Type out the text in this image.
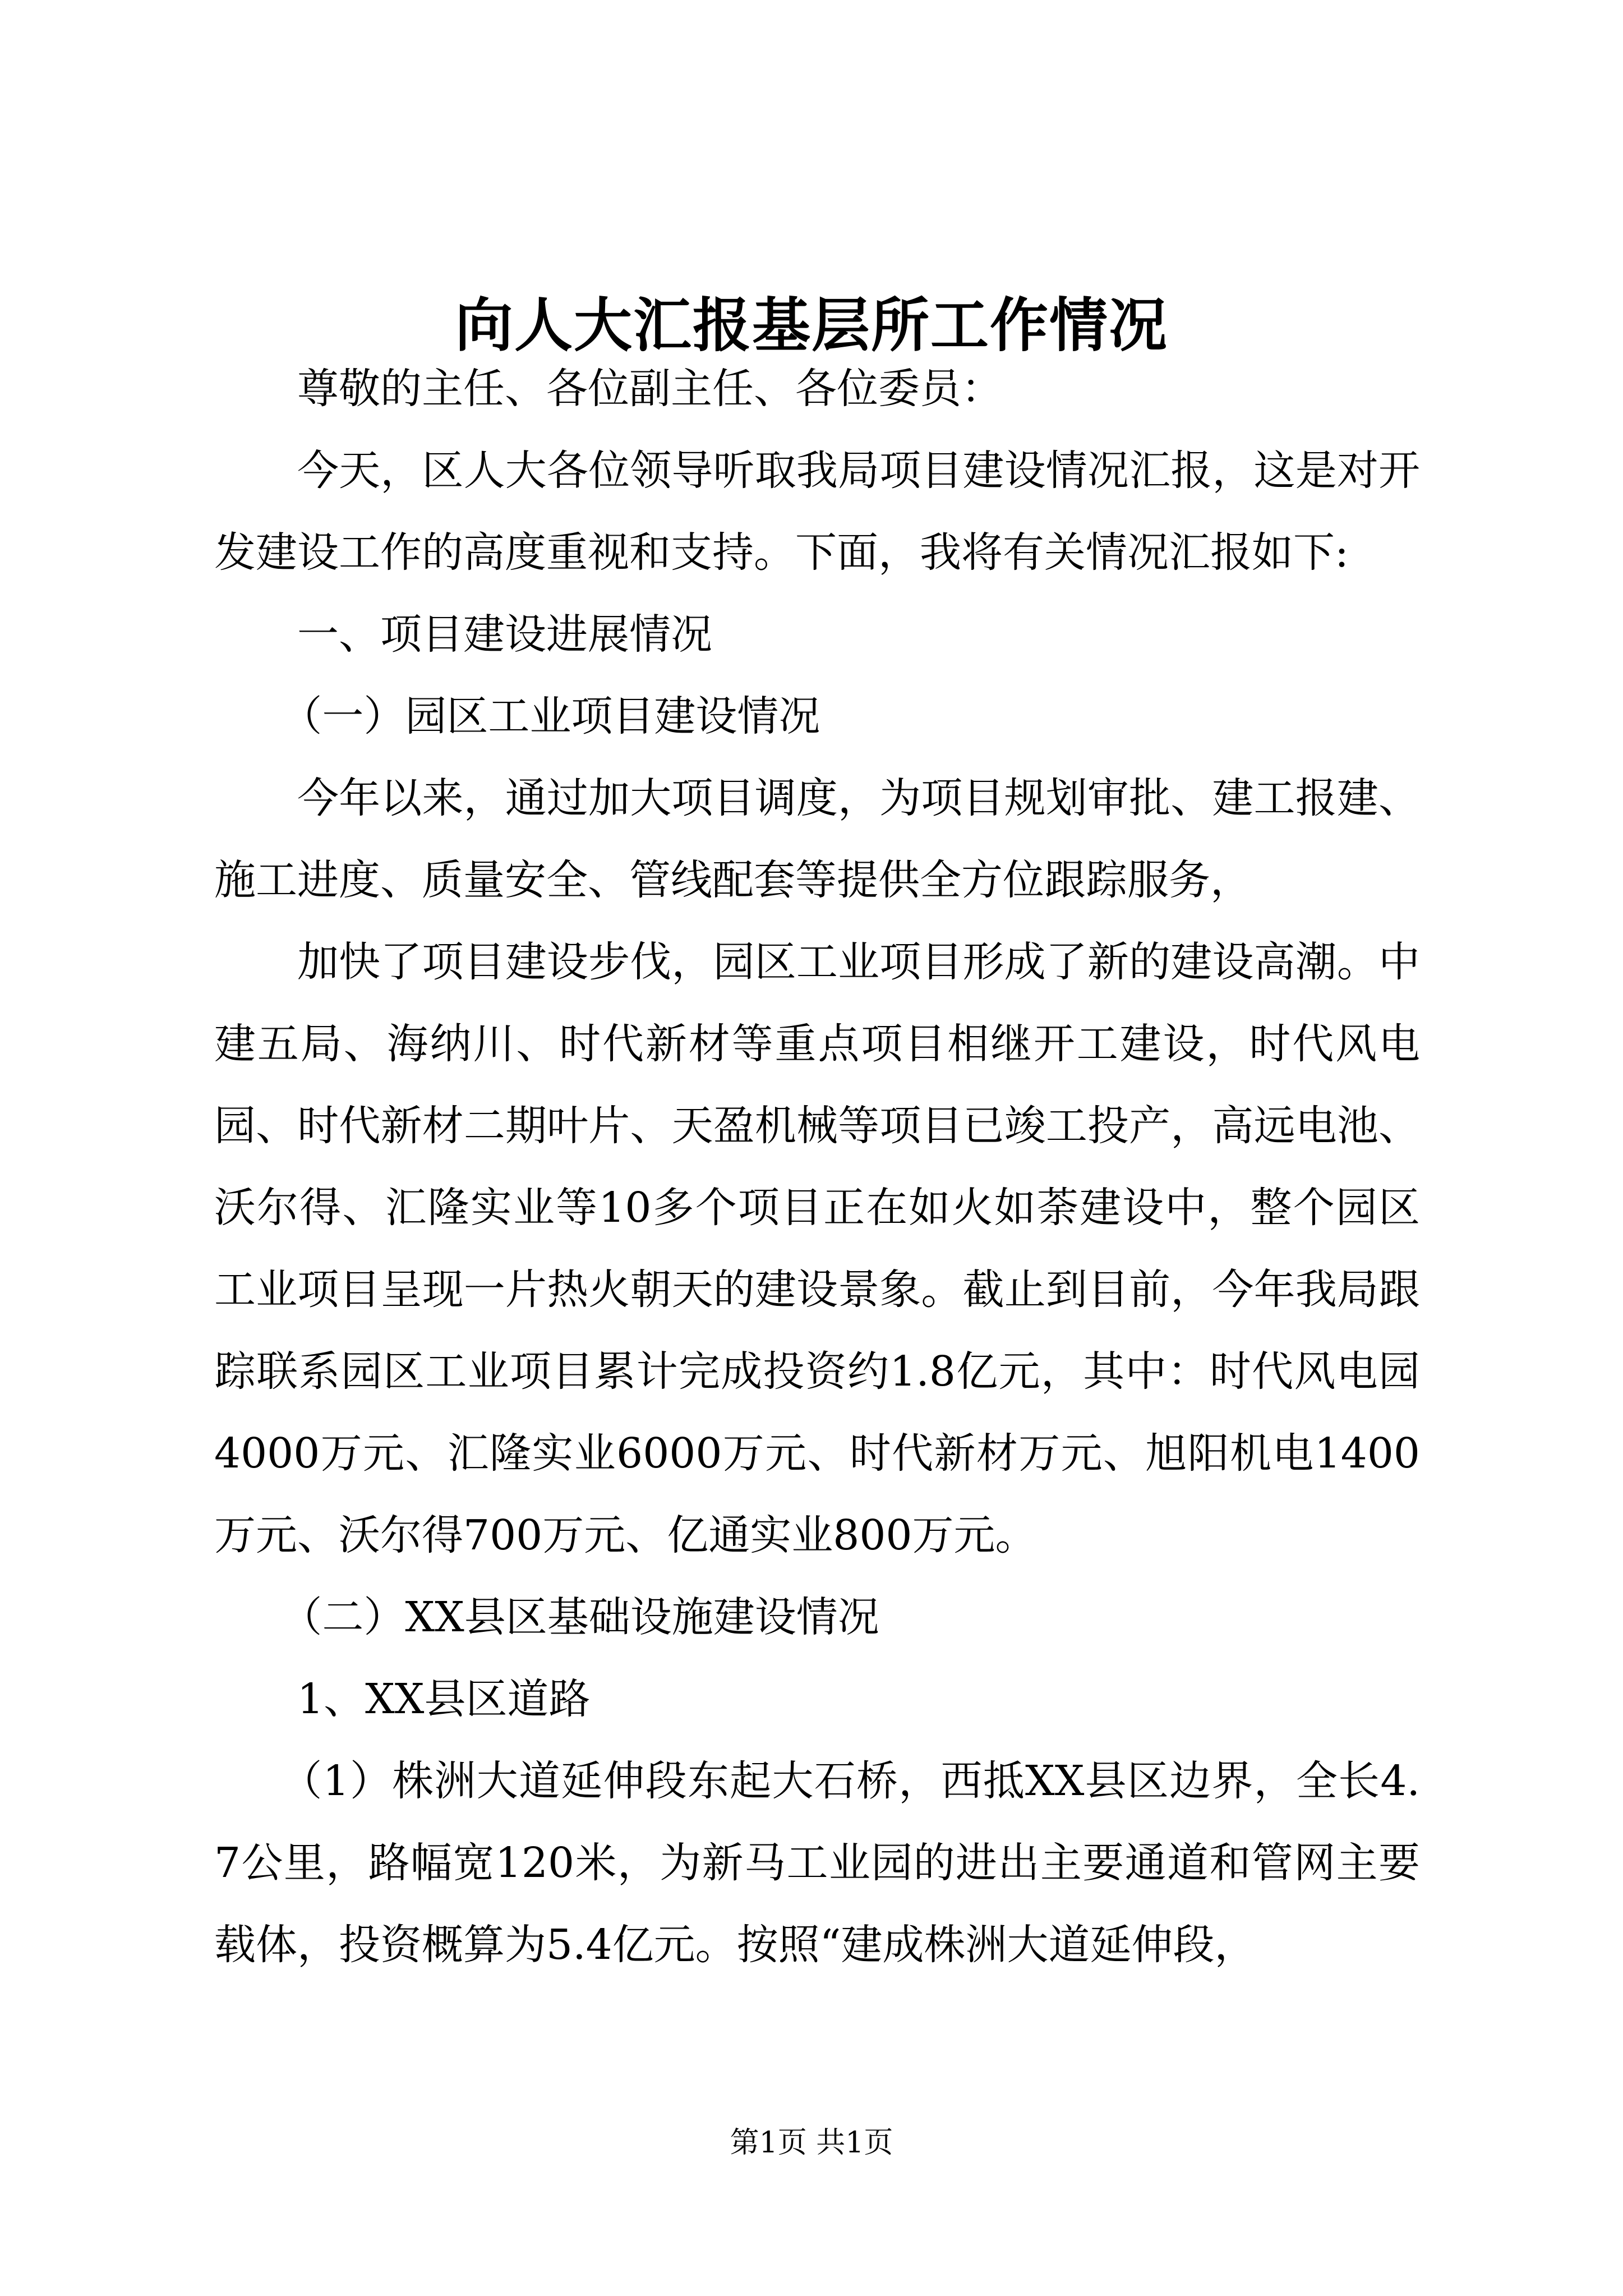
向人大汇报基层所工作情况

尊敬的主任、各位副主任、各位委员：

今天，区人大各位领导听取我局项目建设情况汇报，这是对开发建设工作的高度重视和支持。下面，我将有关情况汇报如下:

一、项目建设进展情况

（一）园区工业项目建设情况

今年以来，通过加大项目调度，为项目规划审批、建工报建、施工进度、质量安全、管线配套等提供全方位跟踪服务，

加快了项目建设步伐，园区工业项目形成了新的建设高潮。中建五局、海纳川、时代新材等重点项目相继开工建设，时代风电园、时代新材二期叶片、天盈机械等项目已竣工投产，高远电池、沃尔得、汇隆实业等10多个项目正在如火如荼建设中，整个园区工业项目呈现一片热火朝天的建设景象。截止到目前，今年我局跟踪联系园区工业项目累计完成投资约1.8亿元，其中：时代风电园4000万元、汇隆实业6000万元、时代新材万元、旭阳机电1400万元、沃尔得700万元、亿通实业800万元。

（二）XX县区基础设施建设情况

1、XX县区道路

（1）株洲大道延伸段东起大石桥，西抵XX县区边界，全长4.7公里，路幅宽120米，为新马工业园的进出主要通道和管网主要载体，投资概算为5.4亿元。按照“建成株洲大道延伸段，

第1页 共1页
